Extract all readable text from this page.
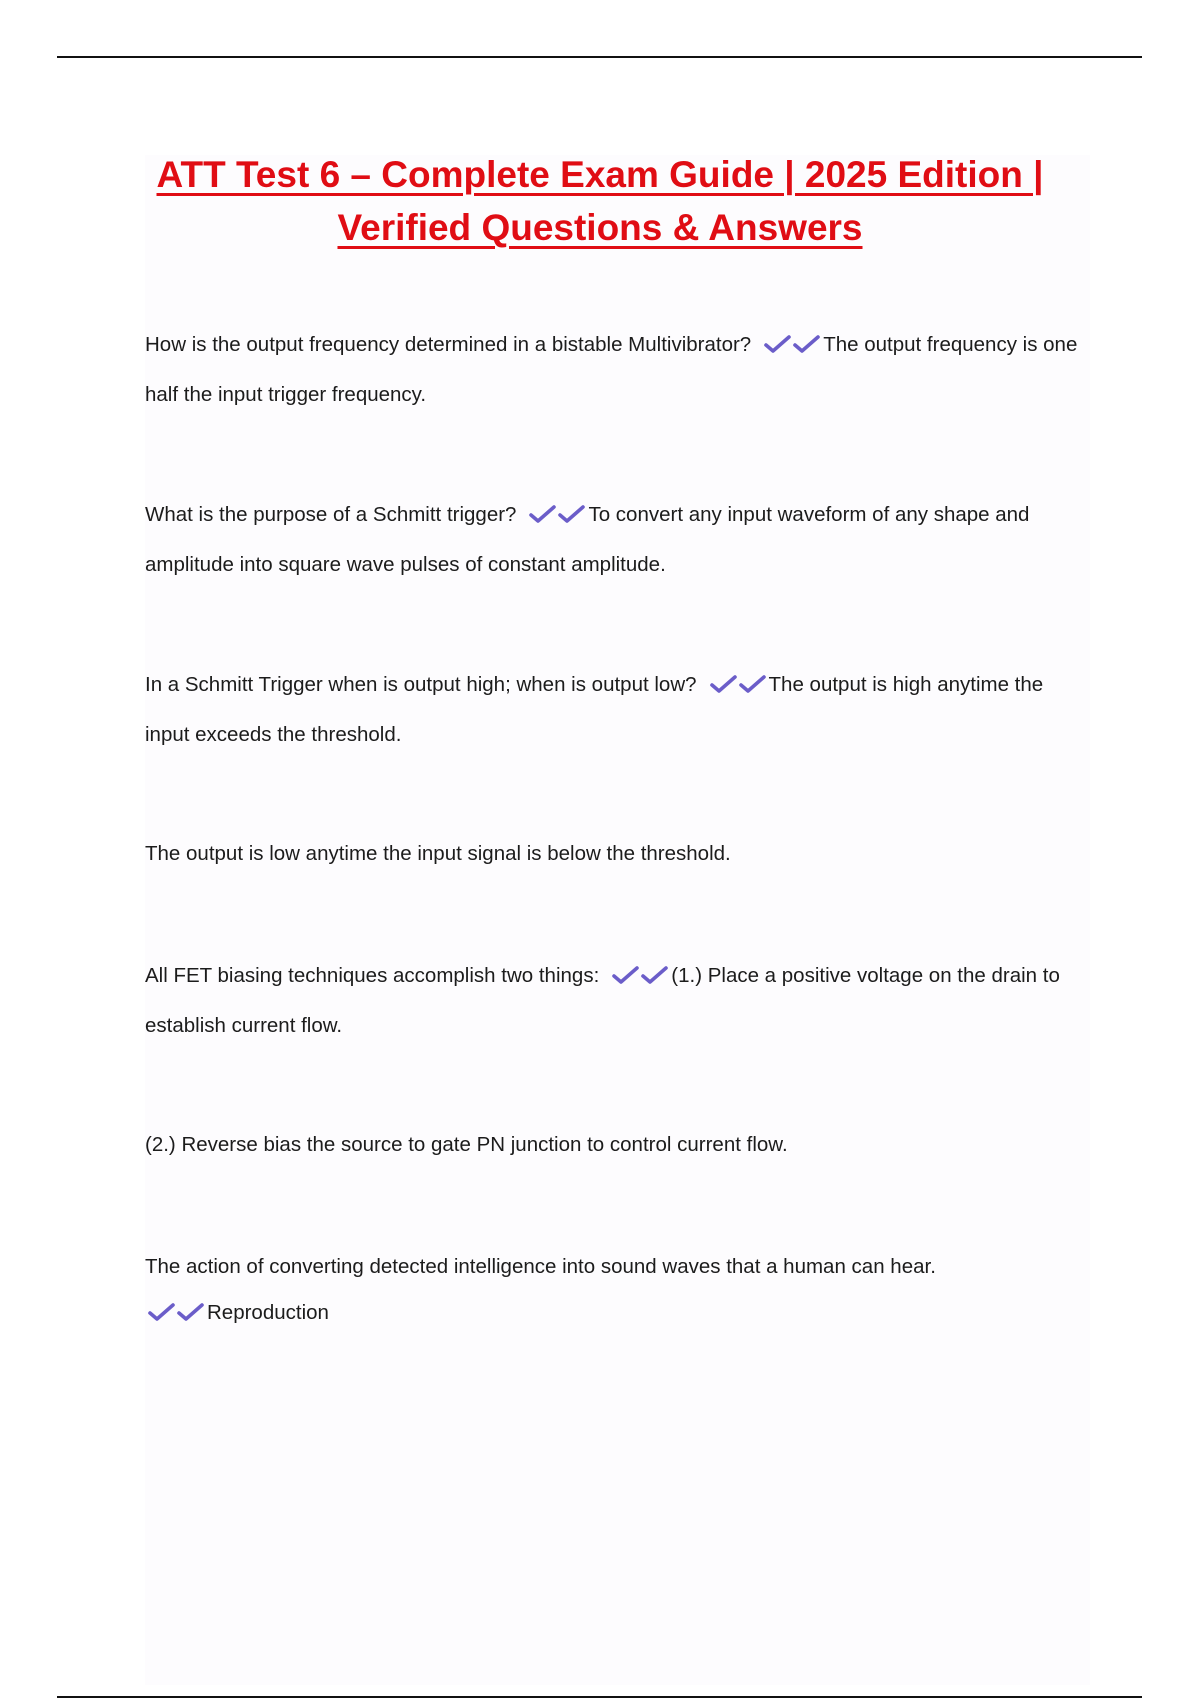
ATT Test 6 – Complete Exam Guide | 2025 Edition | Verified Questions & Answers

How is the output frequency determined in a bistable Multivibrator?	The output frequency is one half the input trigger frequency.

What is the purpose of a Schmitt trigger?	To convert any input waveform of any shape and amplitude into square wave pulses of constant amplitude.

In a Schmitt Trigger when is output high; when is output low?	The output is high anytime the input exceeds the threshold.

The output is low anytime the input signal is below the threshold.

All FET biasing techniques accomplish two things:	(1.) Place a positive voltage on the drain to establish current flow.

(2.) Reverse bias the source to gate PN junction to control current flow.

The action of converting detected intelligence into sound waves that a human can hear.
Reproduction
